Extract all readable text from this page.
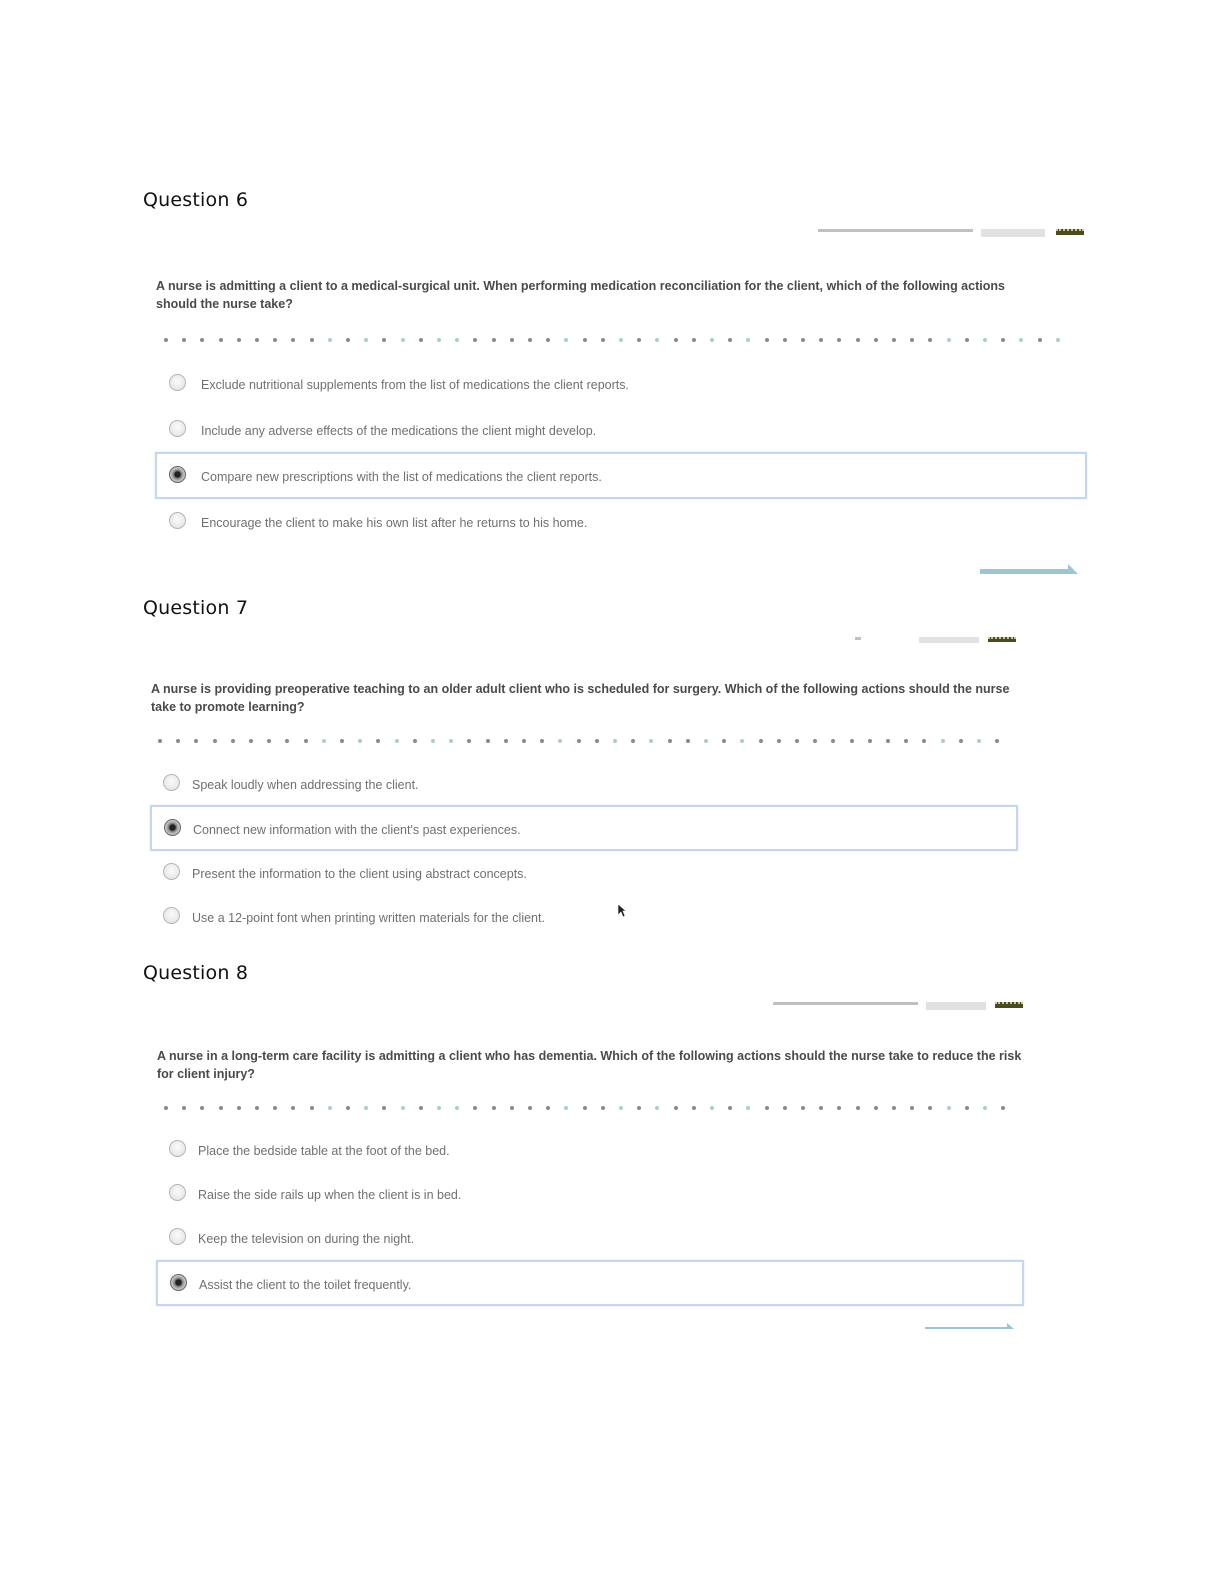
Question 6
A nurse is admitting a client to a medical-surgical unit. When performing medication reconciliation for the client, which of the following actions
should the nurse take?
Exclude nutritional supplements from the list of medications the client reports.
Include any adverse effects of the medications the client might develop.
Compare new prescriptions with the list of medications the client reports.
Encourage the client to make his own list after he returns to his home.
Question 7
A nurse is providing preoperative teaching to an older adult client who is scheduled for surgery. Which of the following actions should the nurse
take to promote learning?
Speak loudly when addressing the client.
Connect new information with the client's past experiences.
Present the information to the client using abstract concepts.
Use a 12-point font when printing written materials for the client.
Question 8
A nurse in a long-term care facility is admitting a client who has dementia. Which of the following actions should the nurse take to reduce the risk
for client injury?
Place the bedside table at the foot of the bed.
Raise the side rails up when the client is in bed.
Keep the television on during the night.
Assist the client to the toilet frequently.
